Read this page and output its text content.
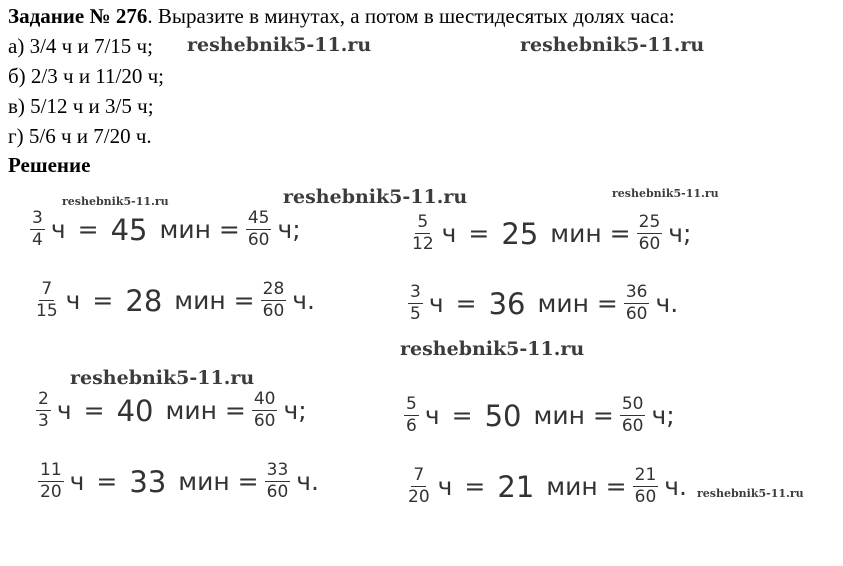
Задание № 276. Выразите в минутах, а потом в шестидесятых долях часа:
а) 3/4 ч и 7/15 ч;
б) 2/3 ч и 11/20 ч;
в) 5/12 ч и 3/5 ч;
г) 5/6 ч и 7/20 ч.
Решение
reshebnik5-11.ru	reshebnik5-11.ru
reshebnik5-11.ru	reshebnik5-11.ru	reshebnik5-11.ru
reshebnik5-11.ru
reshebnik5-11.ru
reshebnik5-11.ru
$\frac{3}{4}$ ч = 45 мин = $\frac{45}{60} ч$;	$\frac{5}{12}$ ч = 25 мин = $\frac{25}{60} ч$;
$\frac{7}{15}$ ч = 28 мин = $\frac{28}{60} ч$.	$\frac{3}{5}$ ч = 36 мин = $\frac{36}{60} ч$.
$\frac{2}{3}$ ч = 40 мин = $\frac{40}{60} ч$;	$\frac{5}{6}$ ч = 50 мин = $\frac{50}{60} ч$;
$\frac{11}{20}$ ч = 33 мин = $\frac{33}{60} ч$.	$\frac{7}{20}$ ч = 21 мин = $\frac{21}{60} ч$.
